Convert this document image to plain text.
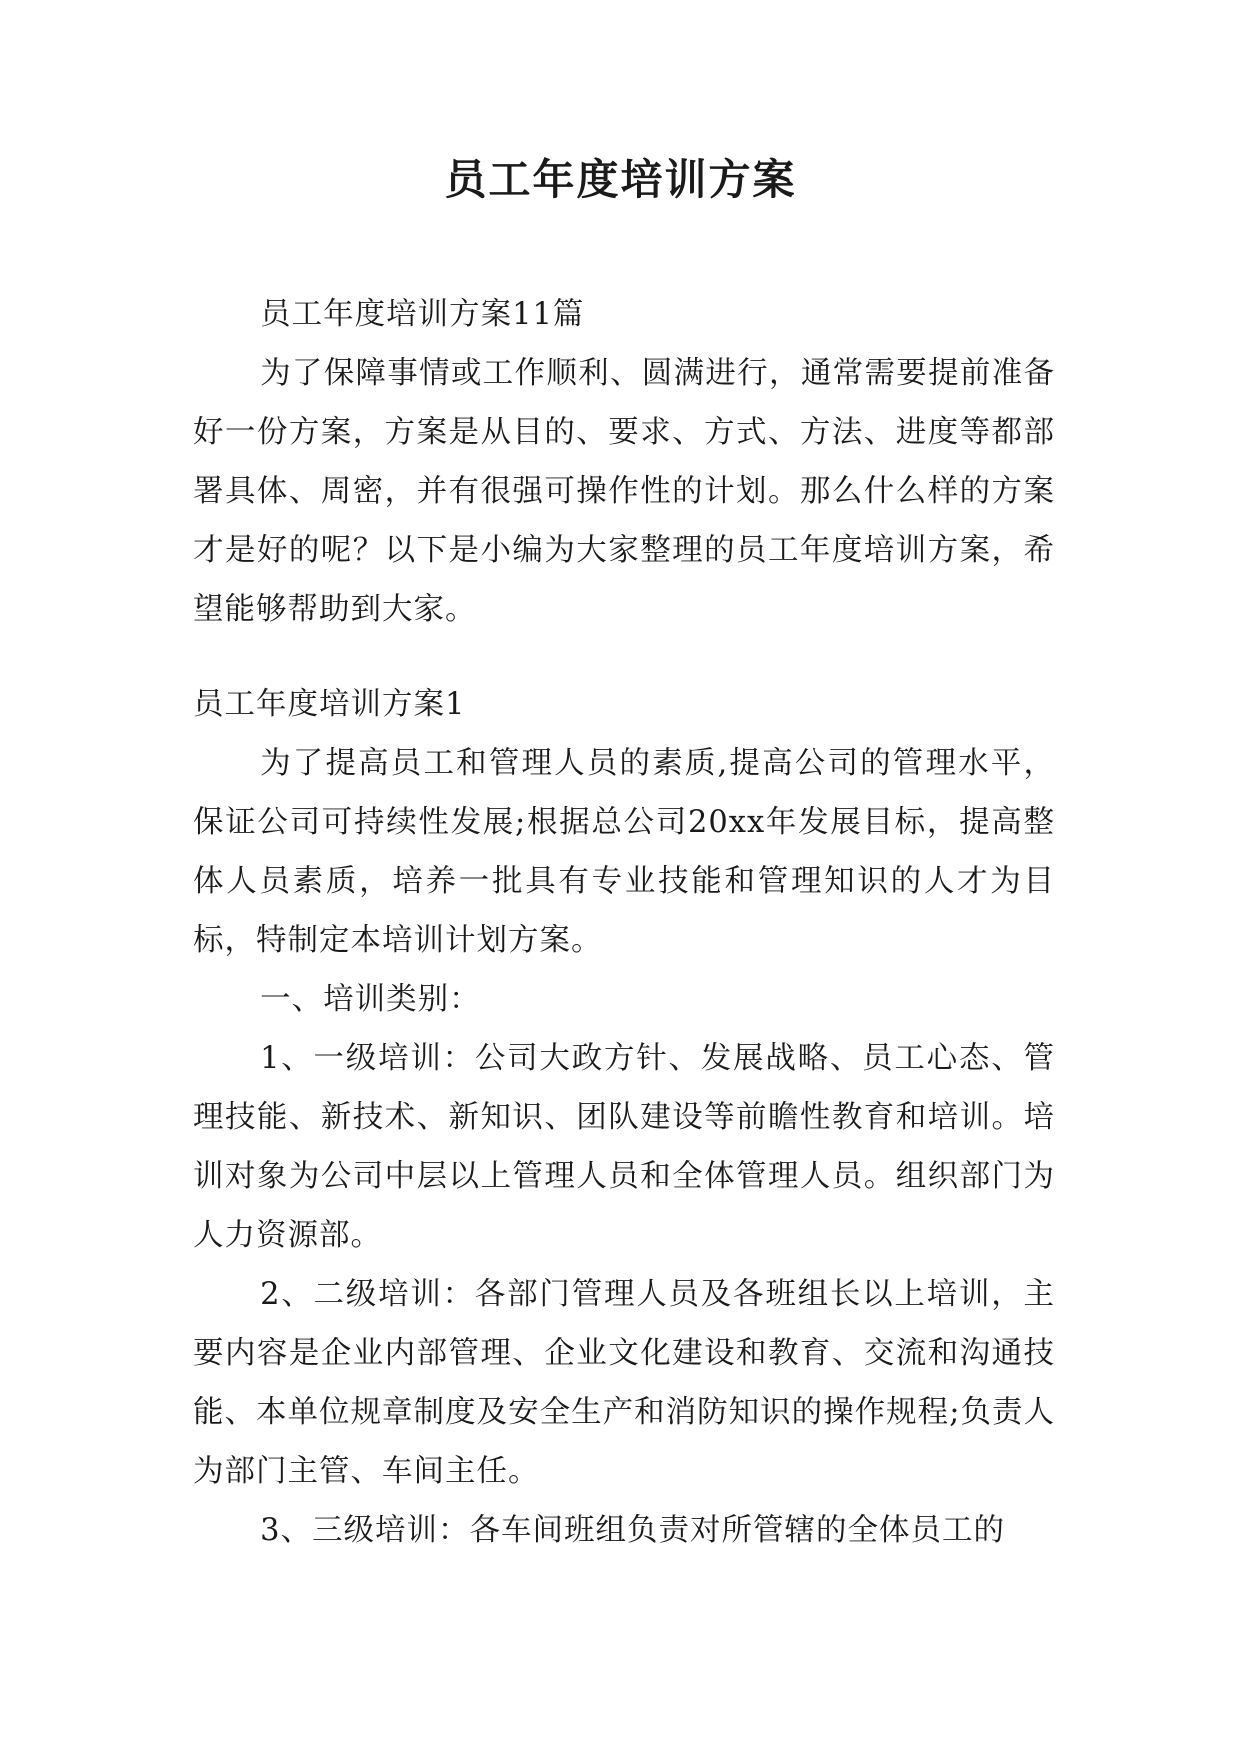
员工年度培训方案

员工年度培训方案11篇

为了保障事情或工作顺利、圆满进行，通常需要提前准备好一份方案，方案是从目的、要求、方式、方法、进度等都部署具体、周密，并有很强可操作性的计划。那么什么样的方案才是好的呢？以下是小编为大家整理的员工年度培训方案，希望能够帮助到大家。

员工年度培训方案1

为了提高员工和管理人员的素质,提高公司的管理水平，保证公司可持续性发展;根据总公司20xx年发展目标，提高整体人员素质，培养一批具有专业技能和管理知识的人才为目标，特制定本培训计划方案。

一、培训类别：

1、一级培训：公司大政方针、发展战略、员工心态、管理技能、新技术、新知识、团队建设等前瞻性教育和培训。培训对象为公司中层以上管理人员和全体管理人员。组织部门为人力资源部。

2、二级培训：各部门管理人员及各班组长以上培训，主要内容是企业内部管理、企业文化建设和教育、交流和沟通技能、本单位规章制度及安全生产和消防知识的操作规程;负责人为部门主管、车间主任。

3、三级培训：各车间班组负责对所管辖的全体员工的
